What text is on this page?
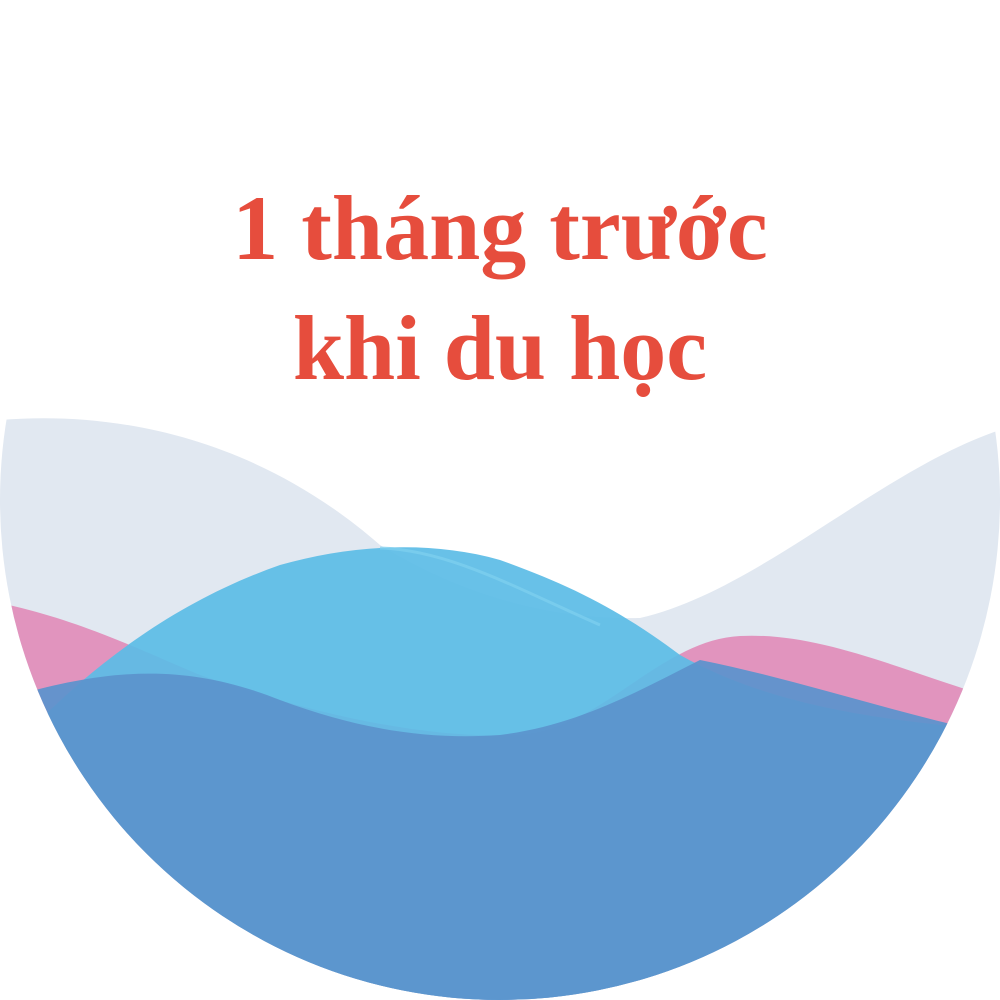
1 tháng trước
khi du học
